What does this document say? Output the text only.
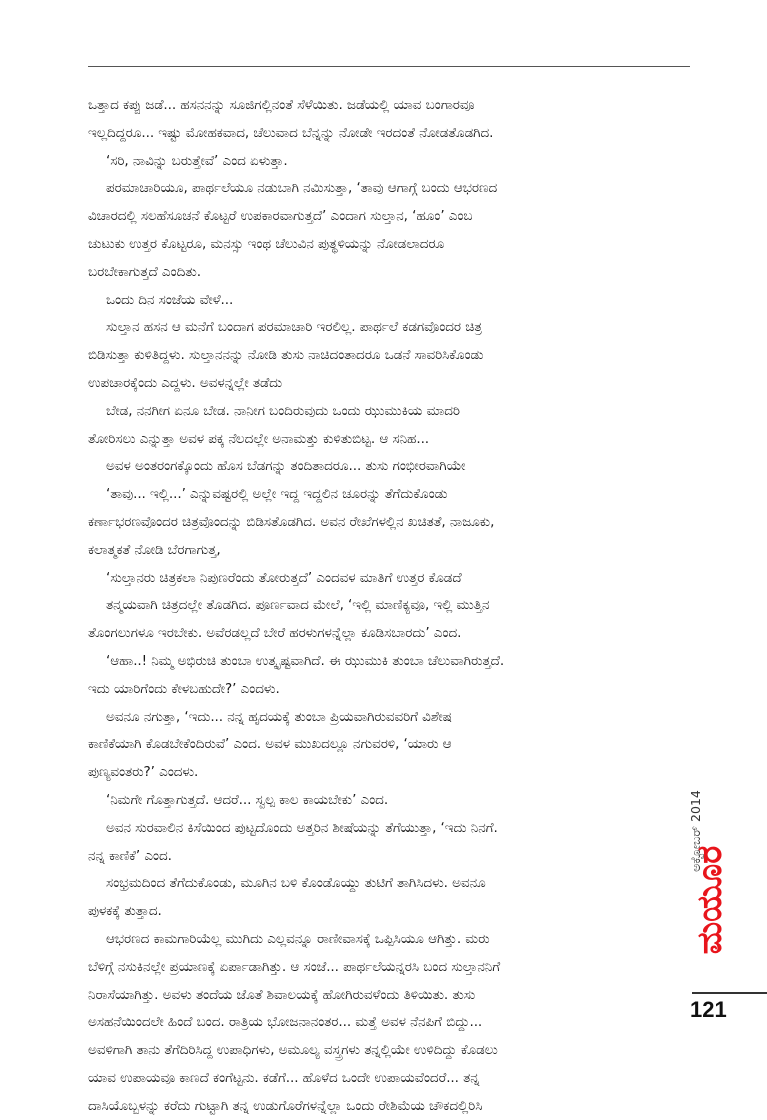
ಒತ್ತಾದ ಕಪ್ಪು ಜಡೆ... ಹಸನನನ್ನು ಸೂಜಿಗಲ್ಲಿನಂತೆ ಸೆಳೆಯಿತು. ಜಡೆಯಲ್ಲಿ ಯಾವ ಬಂಗಾರವೂ
ಇಲ್ಲದಿದ್ದರೂ... ಇಷ್ಟು ಮೋಹಕವಾದ, ಚೆಲುವಾದ ಬೆನ್ನನ್ನು ನೋಡೇ ಇರದಂತೆ ನೋಡತೊಡಗಿದ.
‘ಸರಿ, ನಾವಿನ್ನು ಬರುತ್ತೇವೆ’ ಎಂದ ಏಳುತ್ತಾ.
ಪರಮಾಚಾರಿಯೂ, ಪಾರ್ಥಲೆಯೂ ನಡುಬಾಗಿ ನಮಿಸುತ್ತಾ, ‘ತಾವು ಆಗಾಗ್ಗೆ ಬಂದು ಆಭರಣದ
ವಿಚಾರದಲ್ಲಿ ಸಲಹೆಸೂಚನೆ ಕೊಟ್ಟರೆ ಉಪಕಾರವಾಗುತ್ತದೆ’ ಎಂದಾಗ ಸುಲ್ತಾನ, ‘ಹೂಂ’ ಎಂಬ
ಚುಟುಕು ಉತ್ತರ ಕೊಟ್ಟರೂ, ಮನಸ್ಸು ಇಂಥ ಚೆಲುವಿನ ಪುತ್ಥಳಿಯನ್ನು ನೋಡಲಾದರೂ
ಬರಬೇಕಾಗುತ್ತದೆ ಎಂದಿತು.
ಒಂದು ದಿನ ಸಂಜೆಯ ವೇಳೆ...
ಸುಲ್ತಾನ ಹಸನ ಆ ಮನೆಗೆ ಬಂದಾಗ ಪರಮಾಚಾರಿ ಇರಲಿಲ್ಲ. ಪಾರ್ಥಲೆ ಕಡಗವೊಂದರ ಚಿತ್ರ
ಬಿಡಿಸುತ್ತಾ ಕುಳಿತಿದ್ದಳು. ಸುಲ್ತಾನನನ್ನು ನೋಡಿ ತುಸು ನಾಚಿದಂತಾದರೂ ಒಡನೆ ಸಾವರಿಸಿಕೊಂಡು
ಉಪಚಾರಕ್ಕೆಂದು ಎದ್ದಳು. ಅವಳನ್ನಲ್ಲೇ ತಡೆದು
ಬೇಡ, ನನಗೀಗ ಏನೂ ಬೇಡ. ನಾನೀಗ ಬಂದಿರುವುದು ಒಂದು ಝುಮುಕಿಯ ಮಾದರಿ
ತೋರಿಸಲು ಎನ್ನುತ್ತಾ ಅವಳ ಪಕ್ಕ ನೆಲದಲ್ಲೇ ಅನಾಮತ್ತು ಕುಳಿತುಬಿಟ್ಟ. ಆ ಸನಿಹ...
ಅವಳ ಅಂತರಂಗಕ್ಕೊಂದು ಹೊಸ ಬೆಡಗನ್ನು ತಂದಿತಾದರೂ... ತುಸು ಗಂಭೀರವಾಗಿಯೇ
‘ತಾವು... ಇಲ್ಲಿ...’ ಎನ್ನುವಷ್ಟರಲ್ಲಿ ಅಲ್ಲೇ ಇದ್ದ ಇದ್ದಲಿನ ಚೂರನ್ನು ತೆಗೆದುಕೊಂಡು
ಕರ್ಣಾಭರಣವೊಂದರ ಚಿತ್ರವೊಂದನ್ನು ಬಿಡಿಸತೊಡಗಿದ. ಅವನ ರೇಖೆಗಳಲ್ಲಿನ ಖಚಿತತೆ, ನಾಜೂಕು,
ಕಲಾತ್ಮಕತೆ ನೋಡಿ ಬೆರಗಾಗುತ್ತ,
‘ಸುಲ್ತಾನರು ಚಿತ್ರಕಲಾ ನಿಪುಣರೆಂದು ತೋರುತ್ತದೆ’ ಎಂದವಳ ಮಾತಿಗೆ ಉತ್ತರ ಕೊಡದೆ
ತನ್ಮಯವಾಗಿ ಚಿತ್ರದಲ್ಲೇ ತೊಡಗಿದ. ಪೂರ್ಣವಾದ ಮೇಲೆ, ‘ಇಲ್ಲಿ ಮಾಣಿಕ್ಯವೂ, ಇಲ್ಲಿ ಮುತ್ತಿನ
ತೊಂಗಲುಗಳೂ ಇರಬೇಕು. ಅವೆರಡಲ್ಲದೆ ಬೇರೆ ಹರಳುಗಳನ್ನೆಲ್ಲಾ ಕೂಡಿಸಬಾರದು’ ಎಂದ.
‘ಆಹಾ..! ನಿಮ್ಮ ಅಭಿರುಚಿ ತುಂಬಾ ಉತ್ಕೃಷ್ಟವಾಗಿದೆ. ಈ ಝುಮುಕಿ ತುಂಬಾ ಚೆಲುವಾಗಿರುತ್ತದೆ.
ಇದು ಯಾರಿಗೆಂದು ಕೇಳಬಹುದೇ?’ ಎಂದಳು.
ಅವನೂ ನಗುತ್ತಾ, ‘ಇದು... ನನ್ನ ಹೃದಯಕ್ಕೆ ತುಂಬಾ ಪ್ರಿಯವಾಗಿರುವವರಿಗೆ ವಿಶೇಷ
ಕಾಣಿಕೆಯಾಗಿ ಕೊಡಬೇಕೆಂದಿರುವೆ’ ಎಂದ. ಅವಳ ಮುಖದಲ್ಲೂ ನಗುವರಳಿ, ‘ಯಾರು ಆ
ಪುಣ್ಯವಂತರು?’ ಎಂದಳು.
‘ನಿಮಗೇ ಗೊತ್ತಾಗುತ್ತದೆ. ಆದರೆ... ಸ್ವಲ್ಪ ಕಾಲ ಕಾಯಬೇಕು’ ಎಂದ.
ಅವನ ಸುರವಾಲಿನ ಕಿಸೆಯಿಂದ ಪುಟ್ಟದೊಂದು ಅತ್ತರಿನ ಶೀಷೆಯನ್ನು ತೆಗೆಯುತ್ತಾ, ‘ಇದು ನಿನಗೆ.
ನನ್ನ ಕಾಣಿಕೆ’ ಎಂದ.
ಸಂಭ್ರಮದಿಂದ ತೆಗೆದುಕೊಂಡು, ಮೂಗಿನ ಬಳಿ ಕೊಂಡೊಯ್ದು ತುಟಿಗೆ ತಾಗಿಸಿದಳು. ಅವನೂ
ಪುಳಕಕ್ಕೆ ತುತ್ತಾದ.
ಆಭರಣದ ಕಾಮಗಾರಿಯೆಲ್ಲ ಮುಗಿದು ಎಲ್ಲವನ್ನೂ ರಾಣೀವಾಸಕ್ಕೆ ಒಪ್ಪಿಸಿಯೂ ಆಗಿತ್ತು. ಮರು
ಬೆಳಿಗ್ಗೆ ನಸುಕಿನಲ್ಲೇ ಪ್ರಯಾಣಕ್ಕೆ ಏರ್ಪಾಡಾಗಿತ್ತು. ಆ ಸಂಜೆ... ಪಾರ್ಥಲೆಯನ್ನರಸಿ ಬಂದ ಸುಲ್ತಾನನಿಗೆ
ನಿರಾಸೆಯಾಗಿತ್ತು. ಅವಳು ತಂದೆಯ ಜೊತೆ ಶಿವಾಲಯಕ್ಕೆ ಹೋಗಿರುವಳೆಂದು ತಿಳಿಯಿತು. ತುಸು
ಅಸಹನೆಯಿಂದಲೇ ಹಿಂದೆ ಬಂದ. ರಾತ್ರಿಯ ಭೋಜನಾನಂತರ... ಮತ್ತೆ ಅವಳ ನೆನಪಿಗೆ ಬಿದ್ದು...
ಅವಳಿಗಾಗಿ ತಾನು ತೆಗೆದಿರಿಸಿದ್ದ ಉಪಾಧಿಗಳು, ಅಮೂಲ್ಯ ವಸ್ತ್ರಗಳು ತನ್ನಲ್ಲಿಯೇ ಉಳಿದಿದ್ದು ಕೊಡಲು
ಯಾವ ಉಪಾಯವೂ ಕಾಣದೆ ಕಂಗೆಟ್ಟನು. ಕಡೆಗೆ... ಹೊಳೆದ ಒಂದೇ ಉಪಾಯವೆಂದರೆ... ತನ್ನ
ದಾಸಿಯೊಬ್ಬಳನ್ನು ಕರೆದು ಗುಟ್ಟಾಗಿ ತನ್ನ ಉಡುಗೊರೆಗಳನ್ನೆಲ್ಲಾ ಒಂದು ರೇಶಿಮೆಯ ಚೌಕದಲ್ಲಿರಿಸಿ
ಮಯೂರ
ಅಕ್ಟೋಬರ್ 2014
121
